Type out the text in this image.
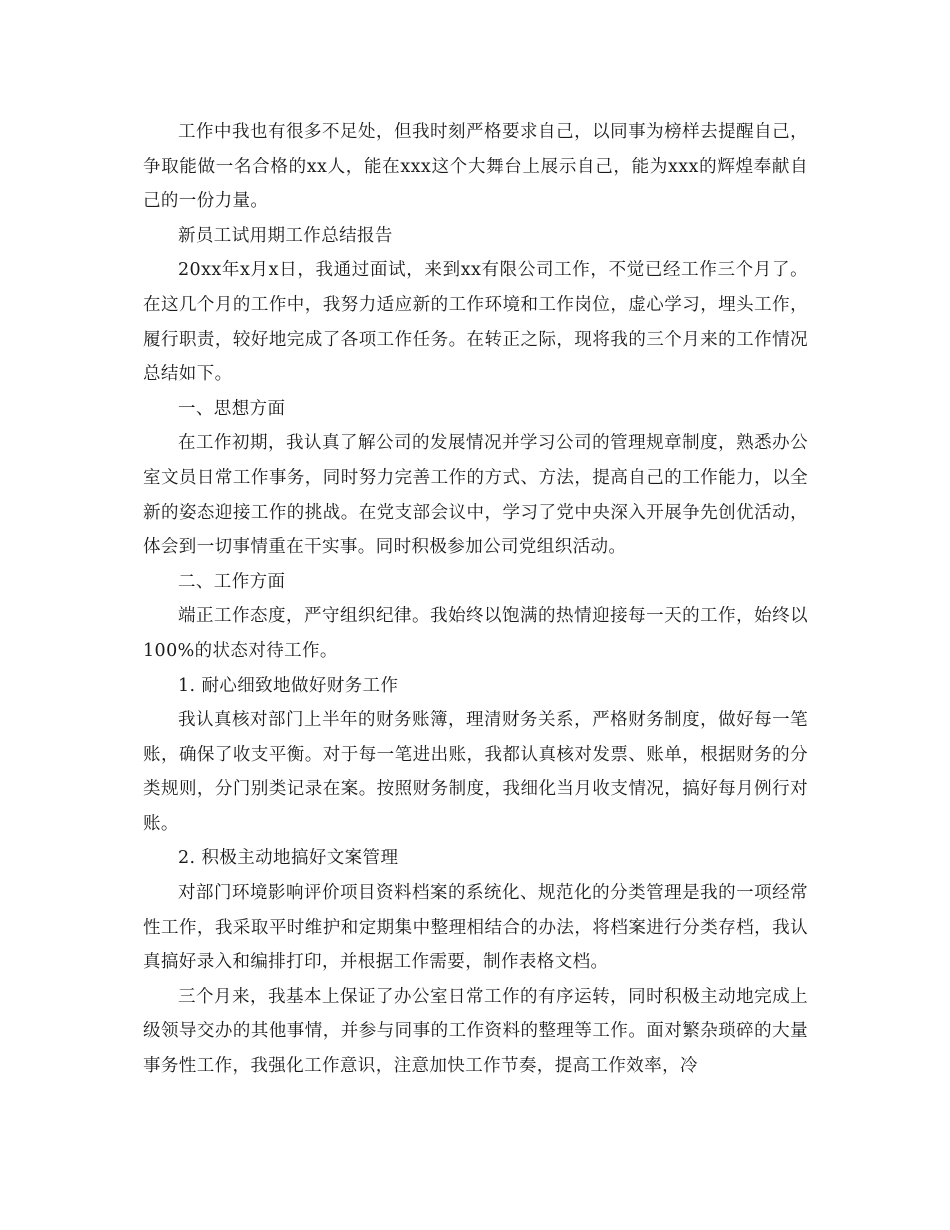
工作中我也有很多不足处，但我时刻严格要求自己，以同事为榜样去提醒自己，争取能做一名合格的xx人，能在xxx这个大舞台上展示自己，能为xxx的辉煌奉献自己的一份力量。

新员工试用期工作总结报告

20xx年x月x日，我通过面试，来到xx有限公司工作，不觉已经工作三个月了。在这几个月的工作中，我努力适应新的工作环境和工作岗位，虚心学习，埋头工作，履行职责，较好地完成了各项工作任务。在转正之际，现将我的三个月来的工作情况总结如下。

一、思想方面

在工作初期，我认真了解公司的发展情况并学习公司的管理规章制度，熟悉办公室文员日常工作事务，同时努力完善工作的方式、方法，提高自己的工作能力，以全新的姿态迎接工作的挑战。在党支部会议中，学习了党中央深入开展争先创优活动，体会到一切事情重在干实事。同时积极参加公司党组织活动。

二、工作方面

端正工作态度，严守组织纪律。我始终以饱满的热情迎接每一天的工作，始终以100%的状态对待工作。

1. 耐心细致地做好财务工作

我认真核对部门上半年的财务账簿，理清财务关系，严格财务制度，做好每一笔账，确保了收支平衡。对于每一笔进出账，我都认真核对发票、账单，根据财务的分类规则，分门别类记录在案。按照财务制度，我细化当月收支情况，搞好每月例行对账。

2. 积极主动地搞好文案管理

对部门环境影响评价项目资料档案的系统化、规范化的分类管理是我的一项经常性工作，我采取平时维护和定期集中整理相结合的办法，将档案进行分类存档，我认真搞好录入和编排打印，并根据工作需要，制作表格文档。

三个月来，我基本上保证了办公室日常工作的有序运转，同时积极主动地完成上级领导交办的其他事情，并参与同事的工作资料的整理等工作。面对繁杂琐碎的大量事务性工作，我强化工作意识，注意加快工作节奏，提高工作效率，冷
